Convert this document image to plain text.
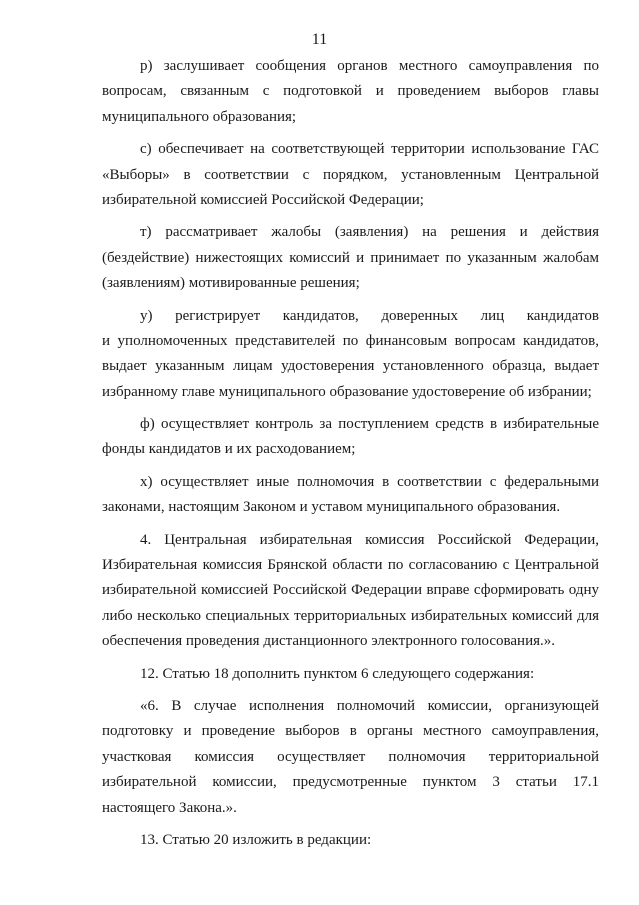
11
р) заслушивает сообщения органов местного самоуправления по
вопросам, связанным с подготовкой и проведением выборов главы
муниципального образования;
с) обеспечивает на соответствующей территории использование ГАС
«Выборы» в соответствии с порядком, установленным Центральной
избирательной комиссией Российской Федерации;
т) рассматривает жалобы (заявления) на решения и действия
(бездействие) нижестоящих комиссий и принимает по указанным жалобам
(заявлениям) мотивированные решения;
у) регистрирует кандидатов, доверенных лиц кандидатов
и уполномоченных представителей по финансовым вопросам кандидатов,
выдает указанным лицам удостоверения установленного образца, выдает
избранному главе муниципального образование удостоверение об избрании;
ф) осуществляет контроль за поступлением средств в избирательные
фонды кандидатов и их расходованием;
х) осуществляет иные полномочия в соответствии с федеральными
законами, настоящим Законом и уставом муниципального образования.
4. Центральная избирательная комиссия Российской Федерации,
Избирательная комиссия Брянской области по согласованию с Центральной
избирательной комиссией Российской Федерации вправе сформировать одну
либо несколько специальных территориальных избирательных комиссий для
обеспечения проведения дистанционного электронного голосования.».
12. Статью 18 дополнить пунктом 6 следующего содержания:
«6. В случае исполнения полномочий комиссии, организующей
подготовку и проведение выборов в органы местного самоуправления,
участковая комиссия осуществляет полномочия территориальной
избирательной комиссии, предусмотренные пунктом 3 статьи 17.1
настоящего Закона.».
13. Статью 20 изложить в редакции:
